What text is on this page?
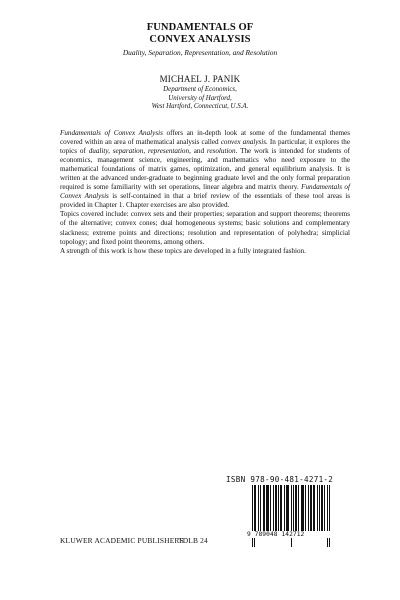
FUNDAMENTALS OF
CONVEX ANALYSIS
Duality, Separation, Representation, and Resolution
MICHAEL J. PANIK
Department of Economics,
University of Hartford,
West Hartford, Connecticut, U.S.A.

Fundamentals of Convex Analysis offers an in-depth look at some of the fundamental themes covered within an area of mathematical analysis called convex analysis. In particular, it explores the topics of duality, separation, representation, and resolution. The work is intended for students of economics, management science, engineering, and mathematics who need exposure to the mathematical foundations of matrix games, optimization, and general equilibrium analysis. It is written at the advanced under-graduate to beginning graduate level and the only formal preparation required is some familiarity with set operations, linear algebra and matrix theory. Fundamentals of Convex Analysis is self-contained in that a brief review of the essentials of these tool areas is provided in Chapter 1. Chapter exercises are also provided.

Topics covered include: convex sets and their properties; separation and support theorems; theorems of the alternative; convex cones; dual homogeneous systems; basic solutions and complementary slackness; extreme points and directions; resolution and representation of polyhedra; simplicial topology; and fixed point theorems, among others.

A strength of this work is how these topics are developed in a fully integrated fashion.

ISBN 978-90-481-4271-2
9 789048 142712
KLUWER ACADEMIC PUBLISHERS
TDLB 24
